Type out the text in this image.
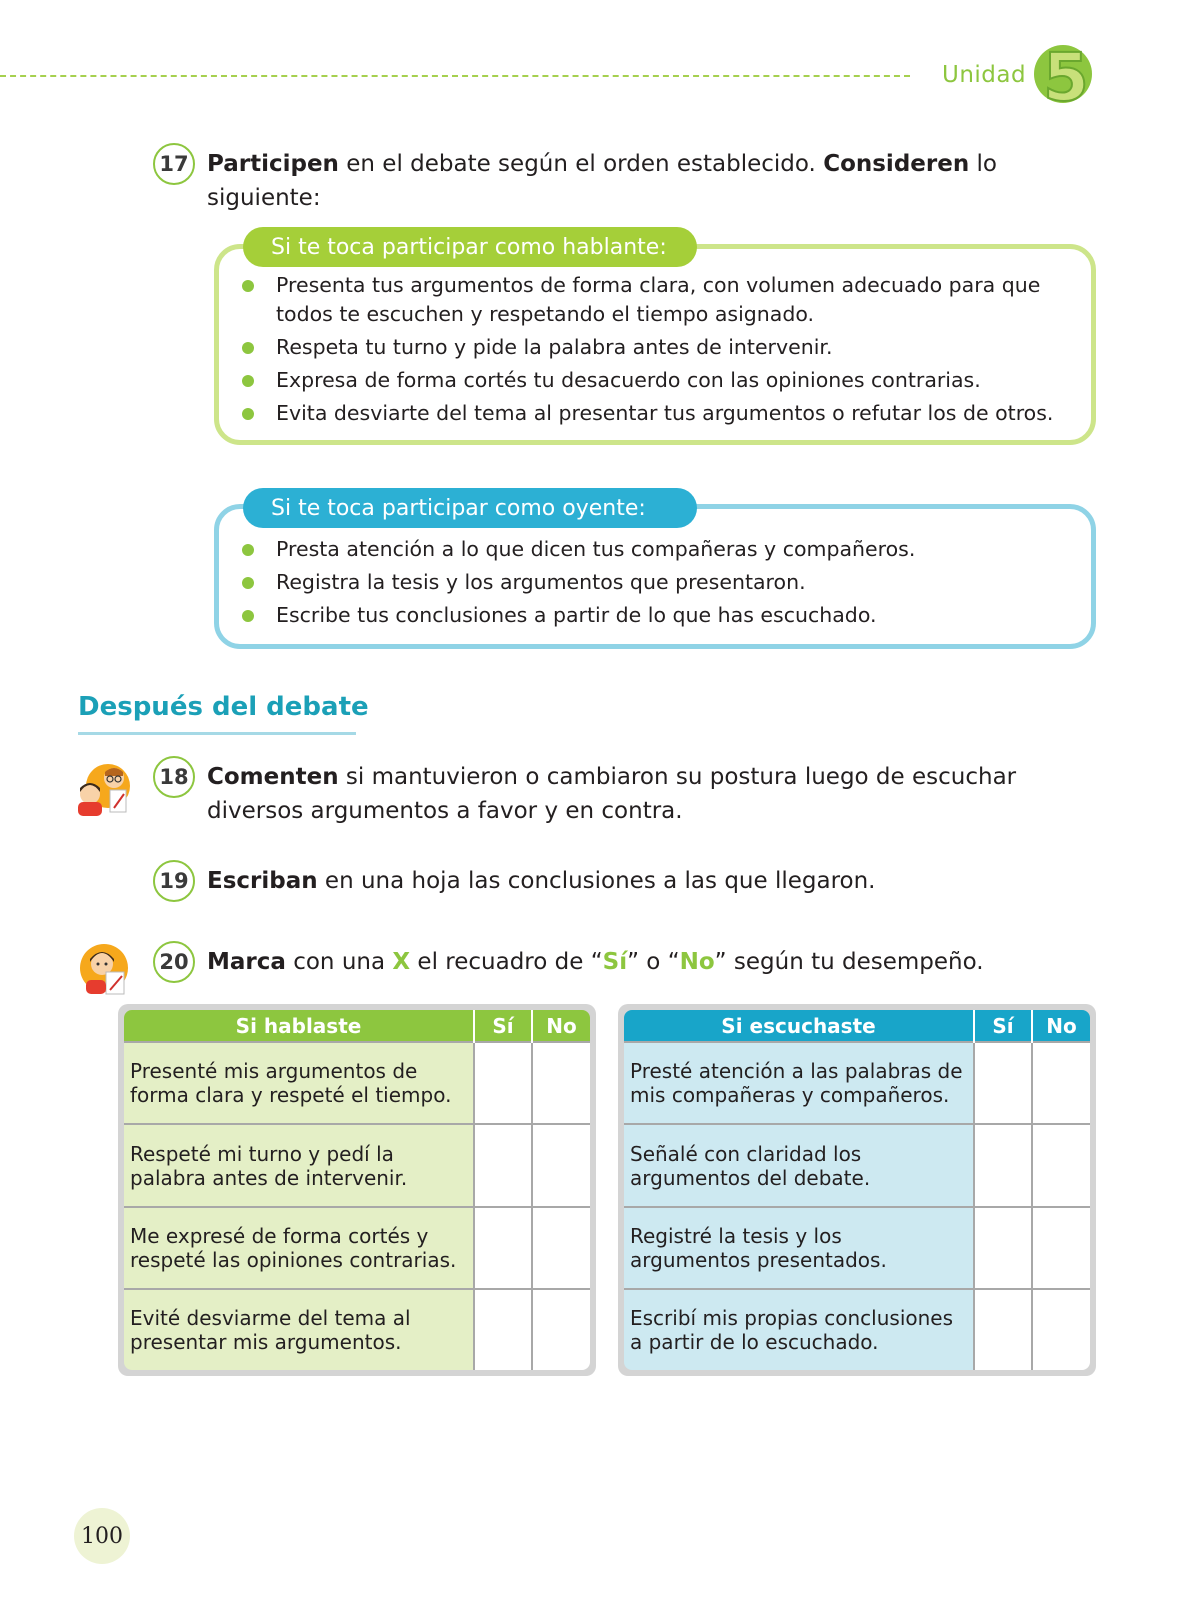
Unidad 5
17 Participen en el debate según el orden establecido. Consideren lo siguiente:
Si te toca participar como hablante:
Presenta tus argumentos de forma clara, con volumen adecuado para que todos te escuchen y respetando el tiempo asignado.
Respeta tu turno y pide la palabra antes de intervenir.
Expresa de forma cortés tu desacuerdo con las opiniones contrarias.
Evita desviarte del tema al presentar tus argumentos o refutar los de otros.
Si te toca participar como oyente:
Presta atención a lo que dicen tus compañeras y compañeros.
Registra la tesis y los argumentos que presentaron.
Escribe tus conclusiones a partir de lo que has escuchado.
Después del debate
18 Comenten si mantuvieron o cambiaron su postura luego de escuchar diversos argumentos a favor y en contra.
19 Escriban en una hoja las conclusiones a las que llegaron.
20 Marca con una X el recuadro de “Sí” o “No” según tu desempeño.
Si hablaste	Sí	No
Presenté mis argumentos de forma clara y respeté el tiempo.		
Respeté mi turno y pedí la palabra antes de intervenir.		
Me expresé de forma cortés y respeté las opiniones contrarias.		
Evité desviarme del tema al presentar mis argumentos.		
Si escuchaste	Sí	No
Presté atención a las palabras de mis compañeras y compañeros.		
Señalé con claridad los argumentos del debate.		
Registré la tesis y los argumentos presentados.		
Escribí mis propias conclusiones a partir de lo escuchado.		
100
